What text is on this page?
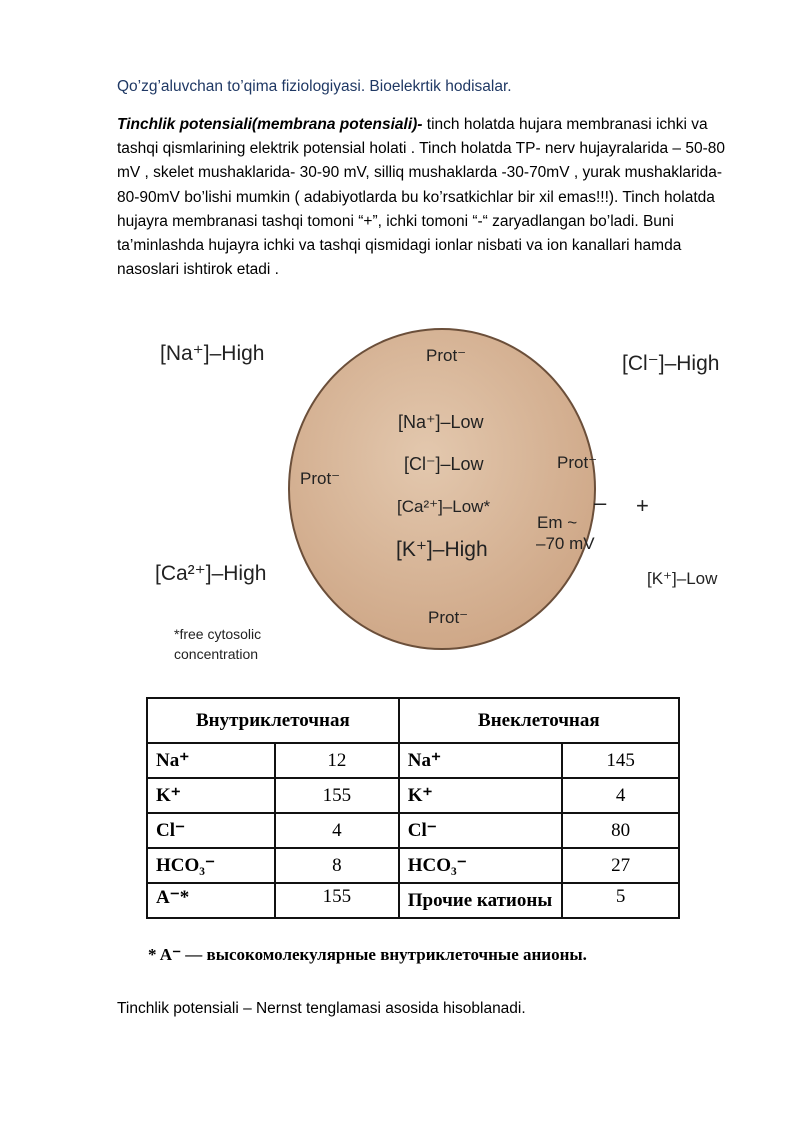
Qo’zg’aluvchan to’qima fiziologiyasi. Bioelekrtik hodisalar.
Tinchlik potensiali(membrana potensiali)- tinch holatda hujara membranasi ichki va tashqi qismlarining elektrik potensial holati . Tinch holatda TP- nerv hujayralarida – 50-80 mV , skelet mushaklarida- 30-90 mV, silliq mushaklarda -30-70mV , yurak mushaklarida-80-90mV bo’lishi mumkin ( adabiyotlarda bu ko’rsatkichlar bir xil emas!!!). Tinch holatda hujayra membranasi tashqi tomoni “+”, ichki tomoni “-“ zaryadlangan bo’ladi. Buni ta’minlashda hujayra ichki va tashqi qismidagi ionlar nisbati va ion kanallari hamda nasoslari ishtirok etadi .
[Na⁺]–High	[Cl⁻]–High
[Ca²⁺]–High	[K⁺]–Low
Prot⁻
[Na⁺]–Low
Prot⁻
[Cl⁻]–Low	Prot⁻
[Ca²⁺]–Low*
[K⁺]–High
Em ~
–70 mV
– +
Prot⁻
*free cytosolic
concentration
Внутриклеточная		Внеклеточная	
Na⁺	12	Na⁺	145
K⁺	155	K⁺	4
Cl⁻	4	Cl⁻	80
HCO₃⁻	8	HCO₃⁻	27
A⁻*	155	Прочие катионы	5
* A⁻ — высокомолекулярные внутриклеточные анионы.
Tinchlik potensiali – Nernst tenglamasi asosida hisoblanadi.
